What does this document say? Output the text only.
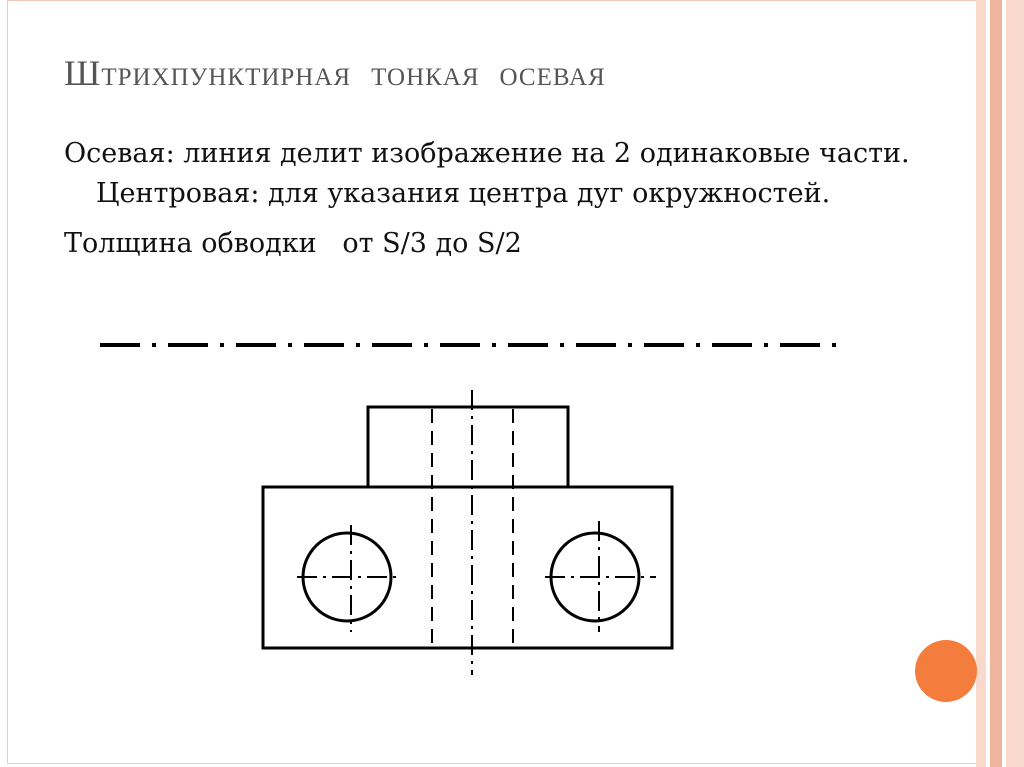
Штрихпунктирная  тонкая  осевая

Осевая: линия делит изображение на 2 одинаковые части. Центровая: для указания центра дуг окружностей.

Толщина обводки   от S/3 до S/2
